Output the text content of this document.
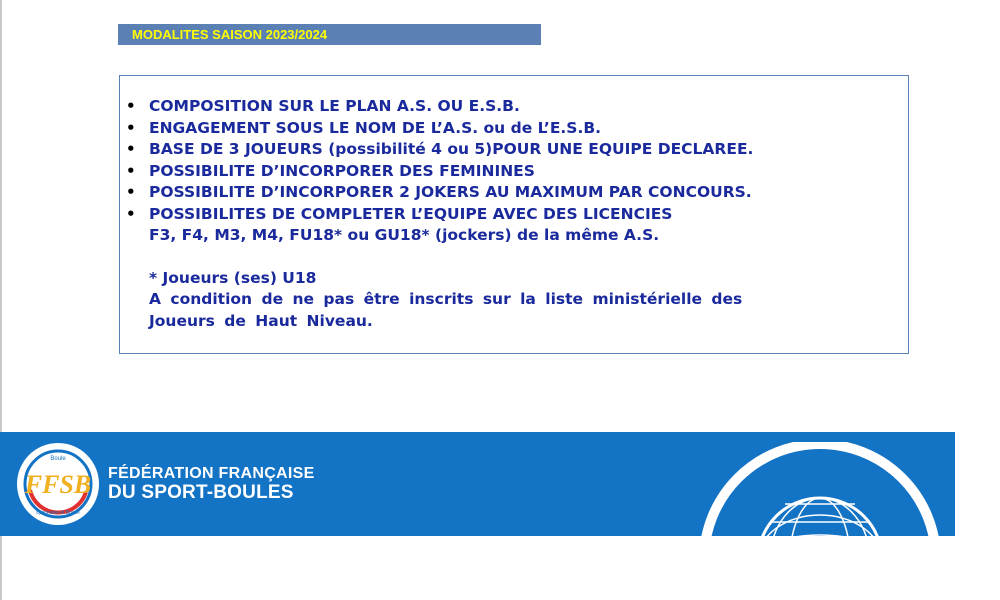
MODALITES SAISON 2023/2024
• COMPOSITION SUR LE PLAN A.S. OU E.S.B.
• ENGAGEMENT SOUS LE NOM DE L’A.S. ou de L’E.S.B.
• BASE DE 3 JOUEURS (possibilité 4 ou 5)POUR UNE EQUIPE DECLAREE.
• POSSIBILITE D’INCORPORER DES FEMININES
• POSSIBILITE D’INCORPORER 2 JOKERS AU MAXIMUM PAR CONCOURS.
• POSSIBILITES DE COMPLETER L’EQUIPE AVEC DES LICENCIES
F3, F4, M3, M4, FU18* ou GU18* (jockers) de la même A.S.
* Joueurs (ses) U18
A condition de ne pas être inscrits sur la liste ministérielle des
Joueurs de Haut Niveau.
FFSB
Boule
Lyonnaise et Bocce
FÉDÉRATION FRANÇAISE
DU SPORT-BOULES
